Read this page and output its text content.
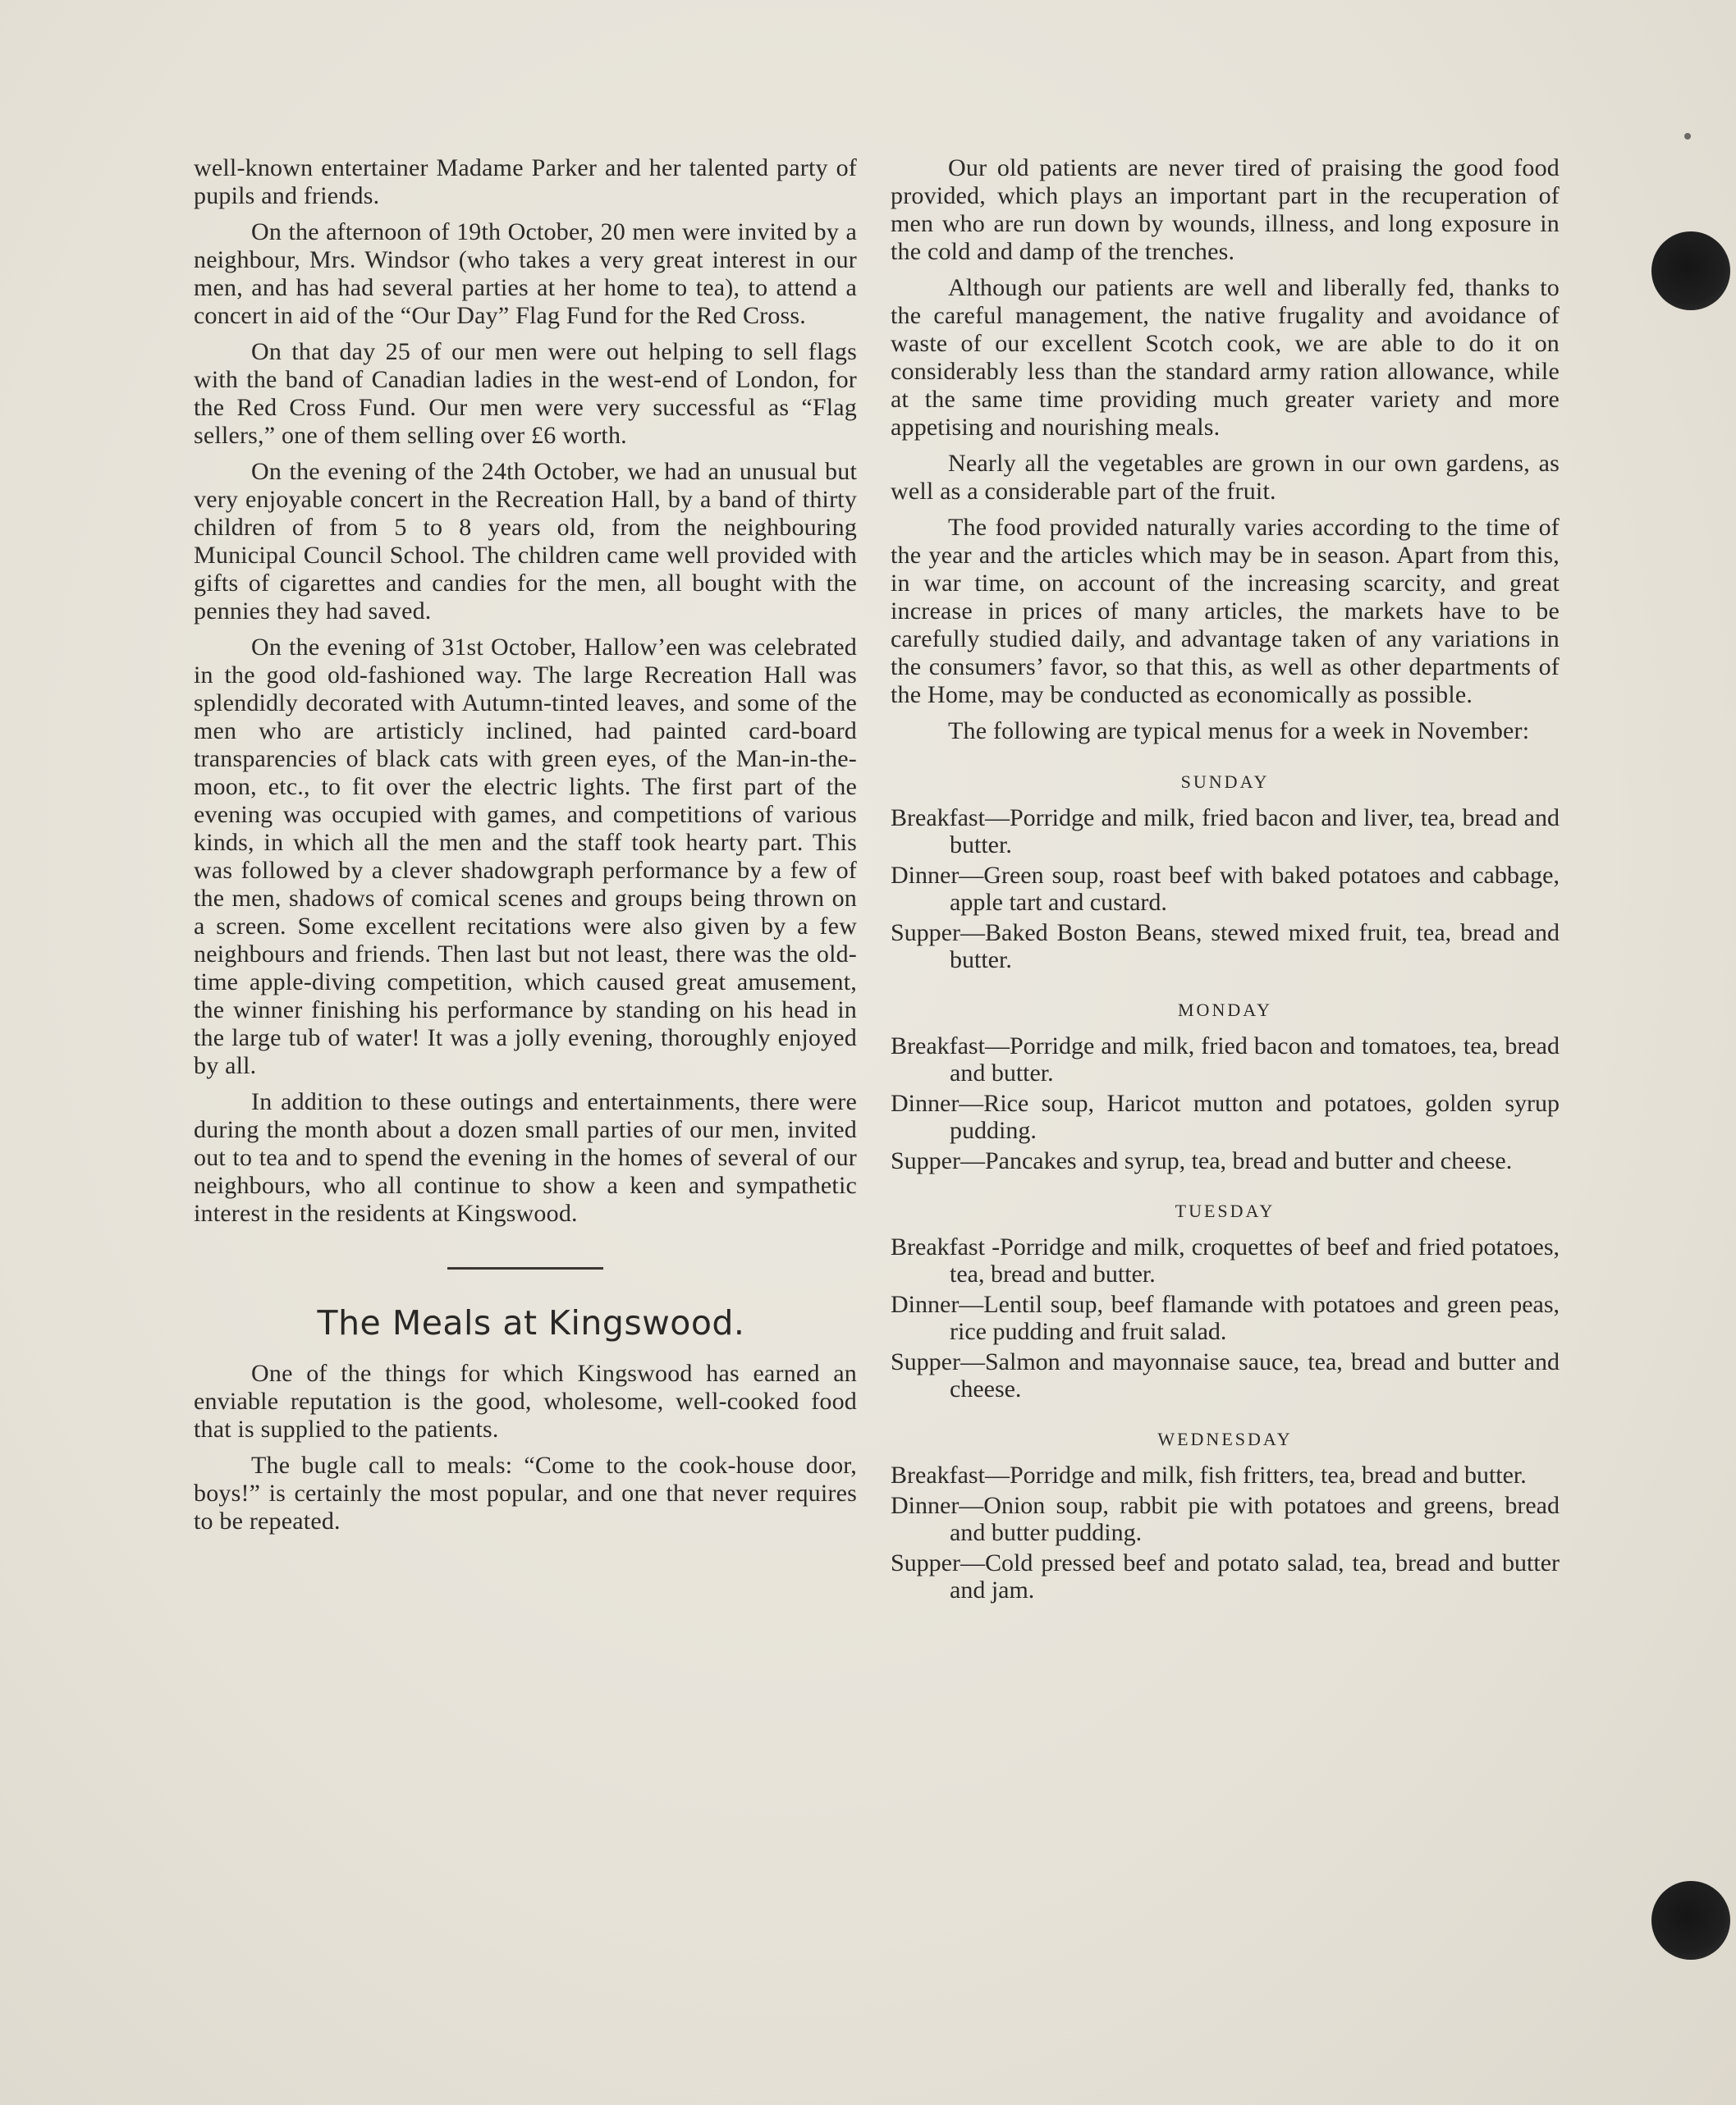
well-known entertainer Madame Parker and her talented party of pupils and friends.

On the afternoon of 19th October, 20 men were invited by a neighbour, Mrs. Windsor (who takes a very great interest in our men, and has had several parties at her home to tea), to attend a concert in aid of the “Our Day” Flag Fund for the Red Cross.

On that day 25 of our men were out helping to sell flags with the band of Canadian ladies in the west-end of London, for the Red Cross Fund. Our men were very successful as “Flag sellers,” one of them selling over £6 worth.

On the evening of the 24th October, we had an unusual but very enjoyable concert in the Recreation Hall, by a band of thirty children of from 5 to 8 years old, from the neighbouring Municipal Council School. The children came well provided with gifts of cigarettes and candies for the men, all bought with the pennies they had saved.

On the evening of 31st October, Hallow’een was celebrated in the good old-fashioned way. The large Recreation Hall was splendidly decorated with Autumn-tinted leaves, and some of the men who are artisticly inclined, had painted card-board transparencies of black cats with green eyes, of the Man-in-the-moon, etc., to fit over the electric lights. The first part of the evening was occupied with games, and competitions of various kinds, in which all the men and the staff took hearty part. This was followed by a clever shadowgraph performance by a few of the men, shadows of comical scenes and groups being thrown on a screen. Some excellent recitations were also given by a few neighbours and friends. Then last but not least, there was the old-time apple-diving competition, which caused great amusement, the winner finishing his performance by standing on his head in the large tub of water! It was a jolly evening, thoroughly enjoyed by all.

In addition to these outings and entertainments, there were during the month about a dozen small parties of our men, invited out to tea and to spend the evening in the homes of several of our neighbours, who all continue to show a keen and sympathetic interest in the residents at Kingswood.

The Meals at Kingswood.

One of the things for which Kingswood has earned an enviable reputation is the good, wholesome, well-cooked food that is supplied to the patients.

The bugle call to meals: “Come to the cook-house door, boys!” is certainly the most popular, and one that never requires to be repeated.

Our old patients are never tired of praising the good food provided, which plays an important part in the recuperation of men who are run down by wounds, illness, and long exposure in the cold and damp of the trenches.

Although our patients are well and liberally fed, thanks to the careful management, the native frugality and avoidance of waste of our excellent Scotch cook, we are able to do it on considerably less than the standard army ration allowance, while at the same time providing much greater variety and more appetising and nourishing meals.

Nearly all the vegetables are grown in our own gardens, as well as a considerable part of the fruit.

The food provided naturally varies according to the time of the year and the articles which may be in season. Apart from this, in war time, on account of the increasing scarcity, and great increase in prices of many articles, the markets have to be carefully studied daily, and advantage taken of any variations in the consumers’ favor, so that this, as well as other departments of the Home, may be conducted as economically as possible.

The following are typical menus for a week in November:

SUNDAY
Breakfast—Porridge and milk, fried bacon and liver, tea, bread and butter.
Dinner—Green soup, roast beef with baked potatoes and cabbage, apple tart and custard.
Supper—Baked Boston Beans, stewed mixed fruit, tea, bread and butter.
MONDAY
Breakfast—Porridge and milk, fried bacon and tomatoes, tea, bread and butter.
Dinner—Rice soup, Haricot mutton and potatoes, golden syrup pudding.
Supper—Pancakes and syrup, tea, bread and butter and cheese.
TUESDAY
Breakfast -Porridge and milk, croquettes of beef and fried potatoes, tea, bread and butter.
Dinner—Lentil soup, beef flamande with potatoes and green peas, rice pudding and fruit salad.
Supper—Salmon and mayonnaise sauce, tea, bread and butter and cheese.
WEDNESDAY
Breakfast—Porridge and milk, fish fritters, tea, bread and butter.
Dinner—Onion soup, rabbit pie with potatoes and greens, bread and butter pudding.
Supper—Cold pressed beef and potato salad, tea, bread and butter and jam.
